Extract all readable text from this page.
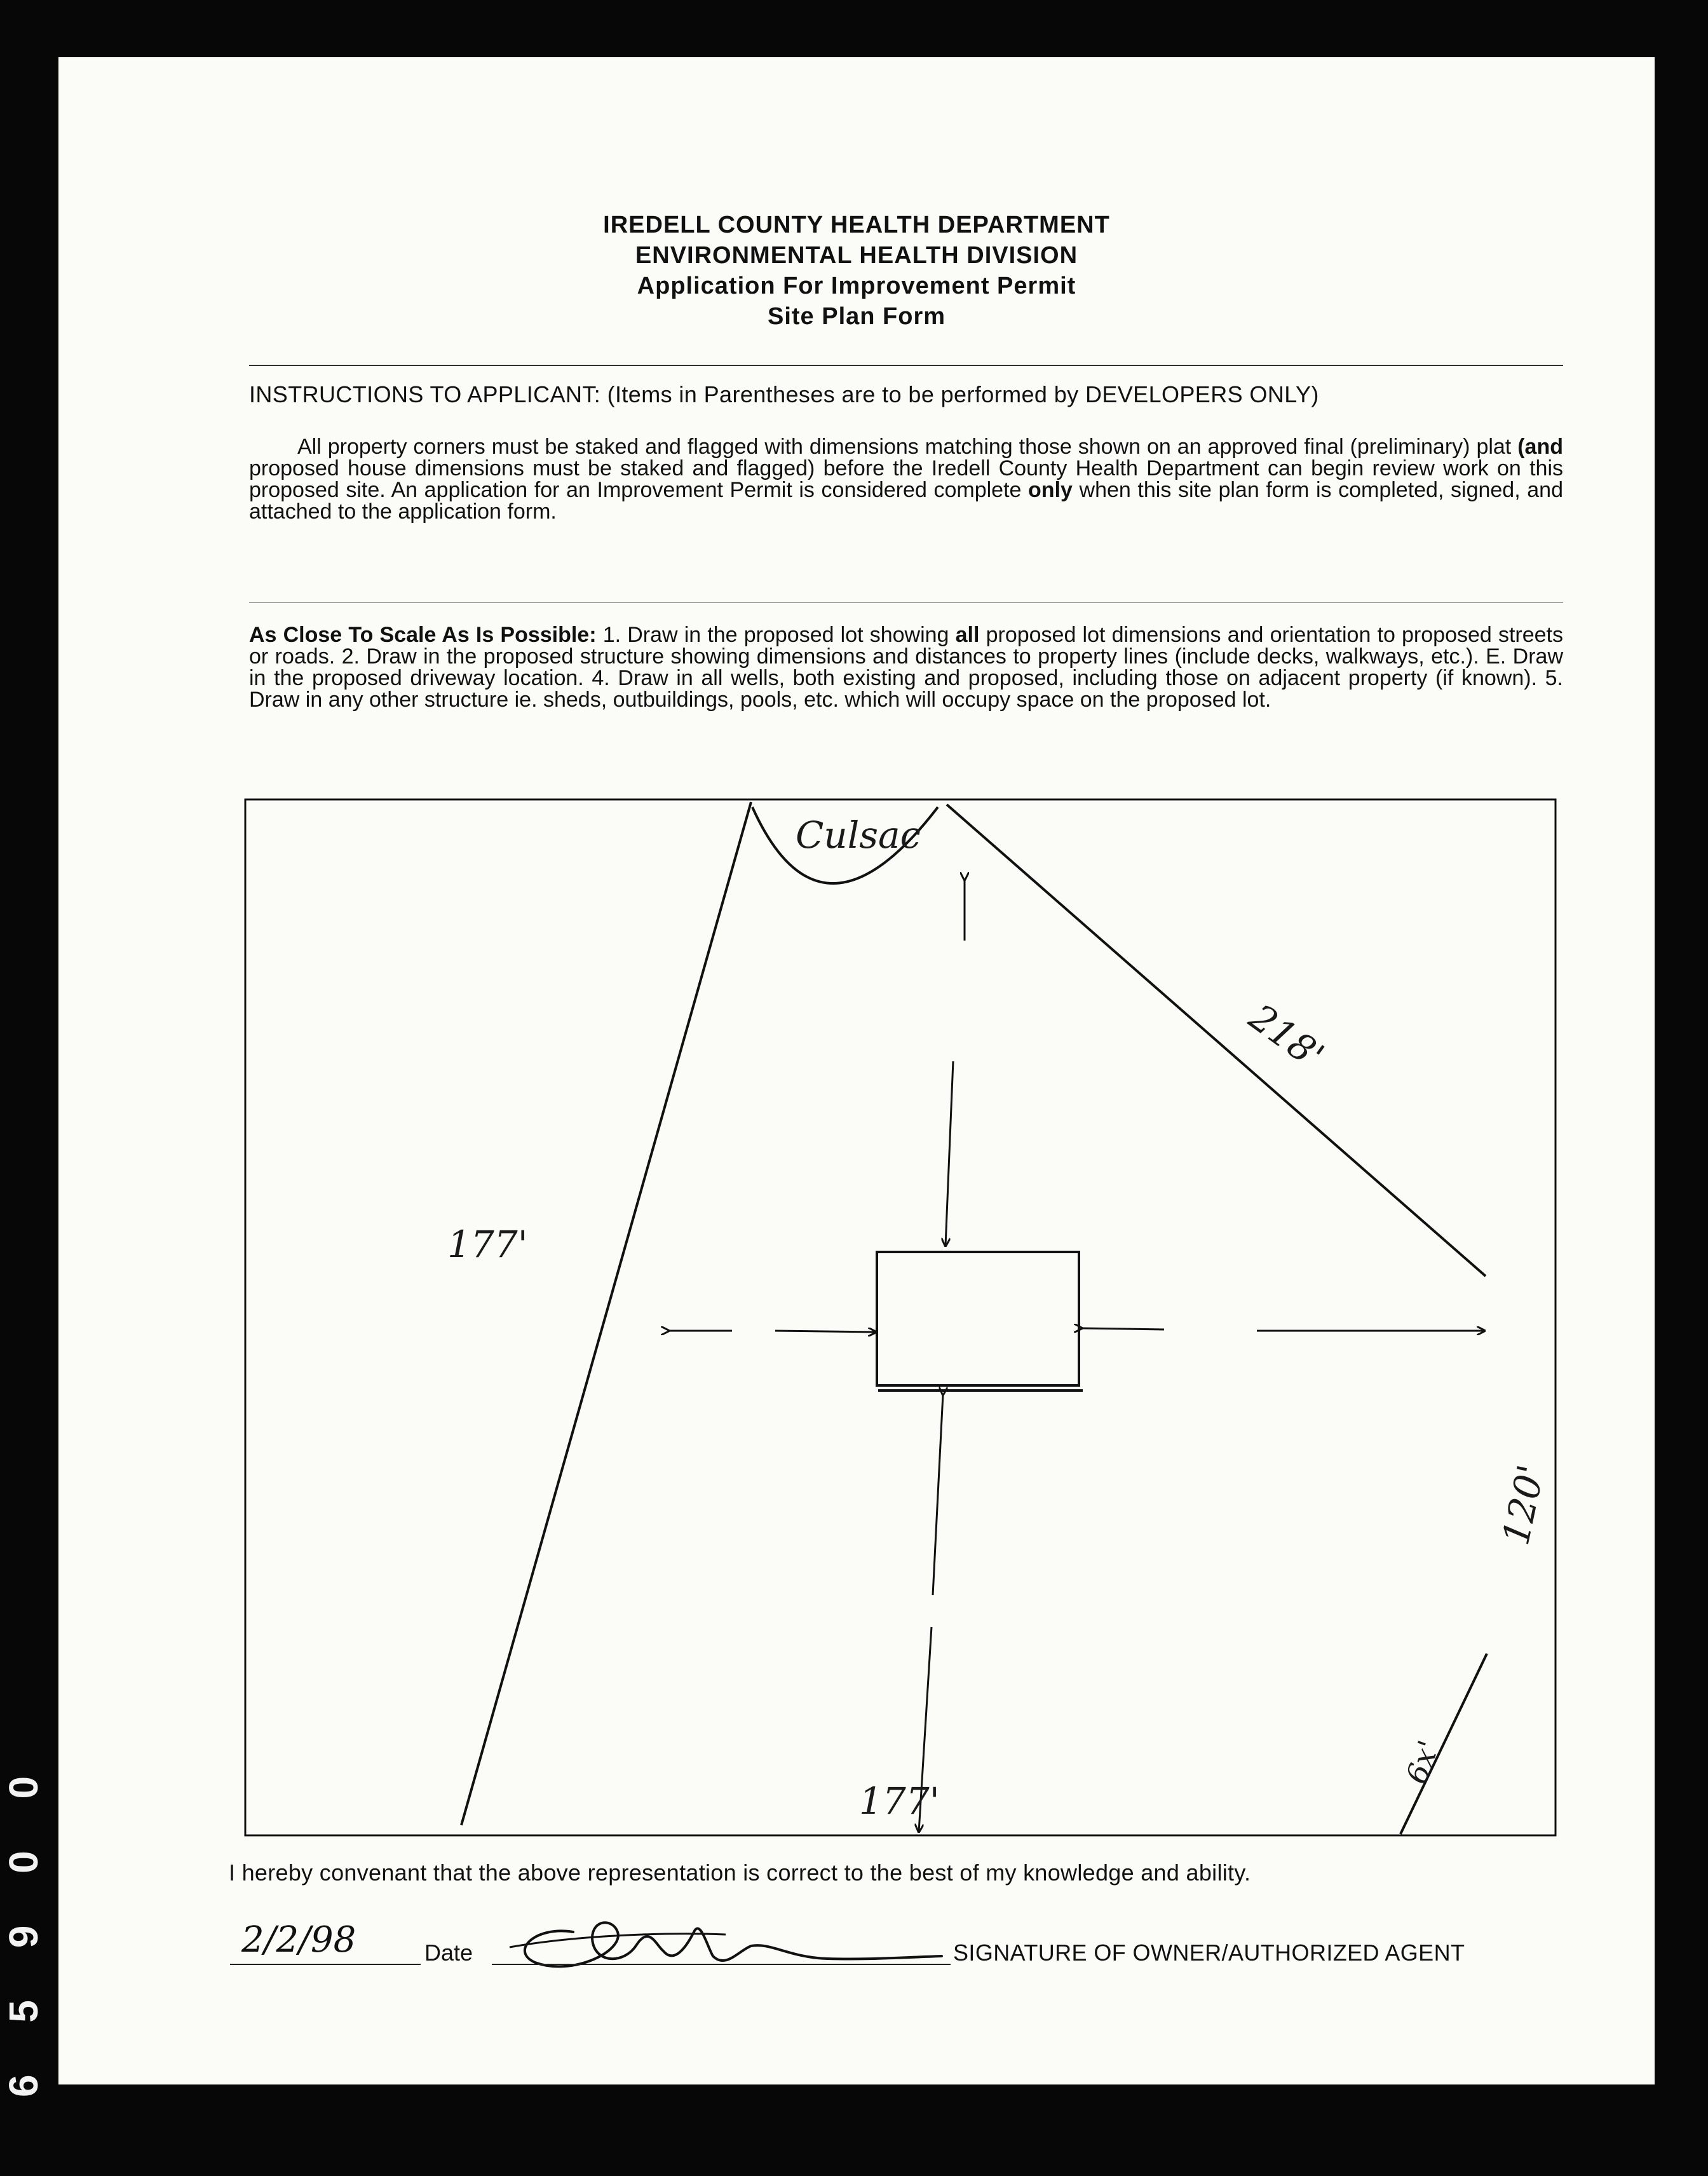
IREDELL COUNTY HEALTH DEPARTMENT
ENVIRONMENTAL HEALTH DIVISION
Application For Improvement Permit
Site Plan Form
INSTRUCTIONS TO APPLICANT: (Items in Parentheses are to be performed by DEVELOPERS ONLY)
All property corners must be staked and flagged with dimensions matching those shown on an approved final (preliminary) plat (and proposed house dimensions must be staked and flagged) before the Iredell County Health Department can begin review work on this proposed site. An application for an Improvement Permit is considered complete only when this site plan form is completed, signed, and attached to the application form.
As Close To Scale As Is Possible: 1. Draw in the proposed lot showing all proposed lot dimensions and orientation to proposed streets or roads. 2. Draw in the proposed structure showing dimensions and distances to property lines (include decks, walkways, etc.). E. Draw in the proposed driveway location. 4. Draw in all wells, both existing and proposed, including those on adjacent property (if known). 5. Draw in any other structure ie. sheds, outbuildings, pools, etc. which will occupy space on the proposed lot.
Culsac
218'
177'
120'
177'
6x'
I hereby convenant that the above representation is correct to the best of my knowledge and ability.
2/2/98	Date	SIGNATURE OF OWNER/AUTHORIZED AGENT
6 5 9 0 0
